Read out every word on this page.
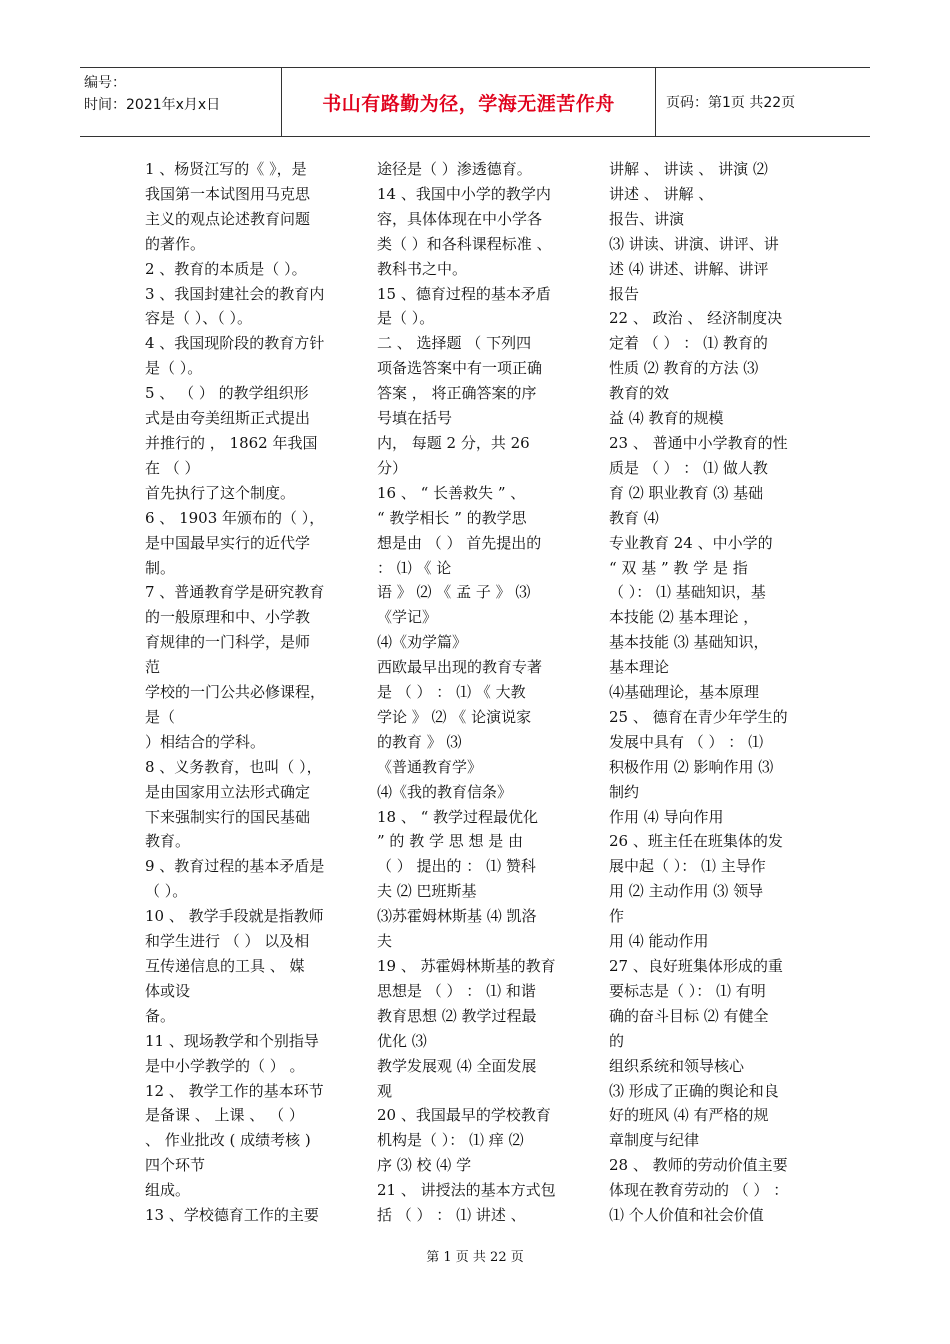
编号：
时间：2021年x月x日	书山有路勤为径，学海无涯苦作舟	页码：第1页 共22页
1 、杨贤江写的《 》，是
我国第一本试图用马克思
主义的观点论述教育问题
的著作。
2 、教育的本质是（ ）。
3 、我国封建社会的教育内
容是（ ）、（ ）。
4 、我国现阶段的教育方针
是（ ）。
5 、 （ ） 的教学组织形
式是由夸美纽斯正式提出
并推行的 ， 1862 年我国
在 （ ）
首先执行了这个制度。
6 、 1903 年颁布的（ ），
是中国最早实行的近代学
制。
7 、普通教育学是研究教育
的一般原理和中、小学教
育规律的一门科学，是师
范
学校的一门公共必修课程，
是（
）相结合的学科。
8 、义务教育，也叫（ ），
是由国家用立法形式确定
下来强制实行的国民基础
教育。
9 、教育过程的基本矛盾是
（ ）。
10 、 教学手段就是指教师
和学生进行 （ ） 以及相
互传递信息的工具 、 媒
体或设
备。
11 、现场教学和个别指导
是中小学教学的（ ） 。
12 、 教学工作的基本环节
是备课 、 上课 、 （ ）
、 作业批改 ( 成绩考核 )
四个环节
组成。
13 、学校德育工作的主要
途径是（ ）渗透德育。
14 、我国中小学的教学内
容，具体体现在中小学各
类（ ）和各科课程标准 、
教科书之中。
15 、德育过程的基本矛盾
是（ ）。
二 、 选择题 （ 下列四
项备选答案中有一项正确
答案 ， 将正确答案的序
号填在括号
内， 每题 2 分，共 26
分）
16 、 “ 长善救失 ” 、
“ 教学相长 ” 的教学思
想是由 （ ） 首先提出的
： ⑴ 《 论
语 》 ⑵ 《 孟 子 》 ⑶
《学记》
⑷《劝学篇》
西欧最早出现的教育专著
是 （ ） ： ⑴ 《 大教
学论 》 ⑵ 《 论演说家
的教育 》 ⑶
《普通教育学》
⑷《我的教育信条》
18 、 “ 教学过程最优化
” 的 教 学 思 想 是 由
（ ） 提出的 ： ⑴ 赞科
夫 ⑵ 巴班斯基
⑶苏霍姆林斯基 ⑷ 凯洛
夫
19 、 苏霍姆林斯基的教育
思想是 （ ） ： ⑴ 和谐
教育思想 ⑵ 教学过程最
优化 ⑶
教学发展观 ⑷ 全面发展
观
20 、我国最早的学校教育
机构是（ ）： ⑴ 痒 ⑵
序 ⑶ 校 ⑷ 学
21 、 讲授法的基本方式包
括 （ ） ： ⑴ 讲述 、
讲解 、 讲读 、 讲演 ⑵
讲述 、 讲解 、
报告、讲演
⑶ 讲读、讲演、讲评、讲
述 ⑷ 讲述、讲解、讲评
报告
22 、 政治 、 经济制度决
定着 （ ） ： ⑴ 教育的
性质 ⑵ 教育的方法 ⑶
教育的效
益 ⑷ 教育的规模
23 、 普通中小学教育的性
质是 （ ） ： ⑴ 做人教
育 ⑵ 职业教育 ⑶ 基础
教育 ⑷
专业教育 24 、中小学的
“ 双 基 ” 教 学 是 指
（ ）： ⑴ 基础知识，基
本技能 ⑵ 基本理论 ，
基本技能 ⑶ 基础知识，
基本理论
⑷基础理论，基本原理
25 、 德育在青少年学生的
发展中具有 （ ） ： ⑴
积极作用 ⑵ 影响作用 ⑶
制约
作用 ⑷ 导向作用
26 、班主任在班集体的发
展中起（ ）： ⑴ 主导作
用 ⑵ 主动作用 ⑶ 领导
作
用 ⑷ 能动作用
27 、良好班集体形成的重
要标志是（ ）： ⑴ 有明
确的奋斗目标 ⑵ 有健全
的
组织系统和领导核心
⑶ 形成了正确的舆论和良
好的班风 ⑷ 有严格的规
章制度与纪律
28 、 教师的劳动价值主要
体现在教育劳动的 （ ） ：
⑴ 个人价值和社会价值
第 1 页 共 22 页
